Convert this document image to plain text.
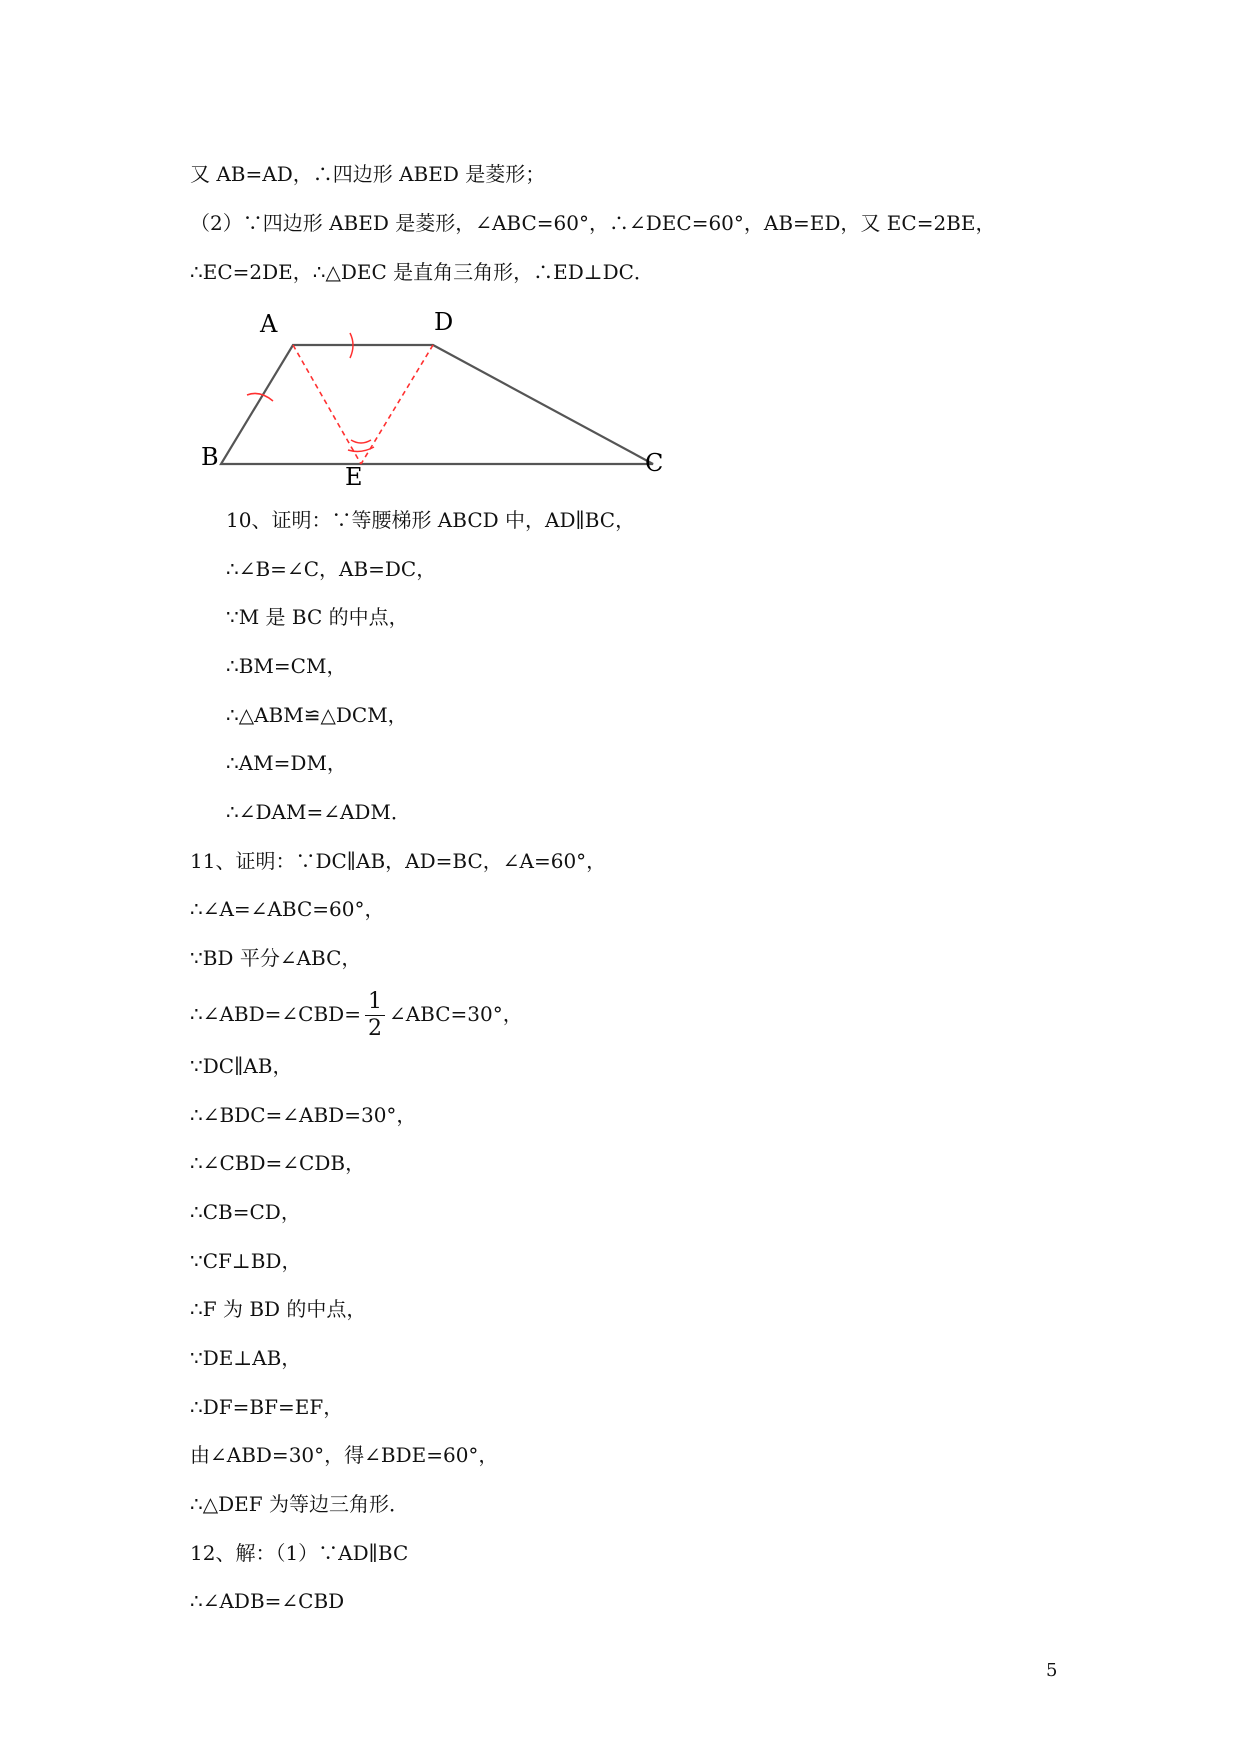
又 AB=AD，∴四边形 ABED 是菱形；
（2）∵四边形 ABED 是菱形，∠ABC=60°，∴∠DEC=60°，AB=ED，又 EC=2BE，
∴EC=2DE，∴△DEC 是直角三角形，∴ED⊥DC．
A	D
B
E	C
10、证明：∵等腰梯形 ABCD 中，AD∥BC，
∴∠B=∠C，AB=DC，
∵M 是 BC 的中点，
∴BM=CM，
∴△ABM≌△DCM，
∴AM=DM，
∴∠DAM=∠ADM．
11、证明：∵DC∥AB，AD=BC，∠A=60°，
∴∠A=∠ABC=60°，
∵BD 平分∠ABC，
∴∠ABD=∠CBD= $\frac{1}{2}$ ∠ABC=30°，
∵DC∥AB，
∴∠BDC=∠ABD=30°，
∴∠CBD=∠CDB，
∴CB=CD，
∵CF⊥BD，
∴F 为 BD 的中点，
∵DE⊥AB，
∴DF=BF=EF，
由∠ABD=30°，得∠BDE=60°，
∴△DEF 为等边三角形．
12、解：（1）∵AD∥BC
∴∠ADB=∠CBD
5
